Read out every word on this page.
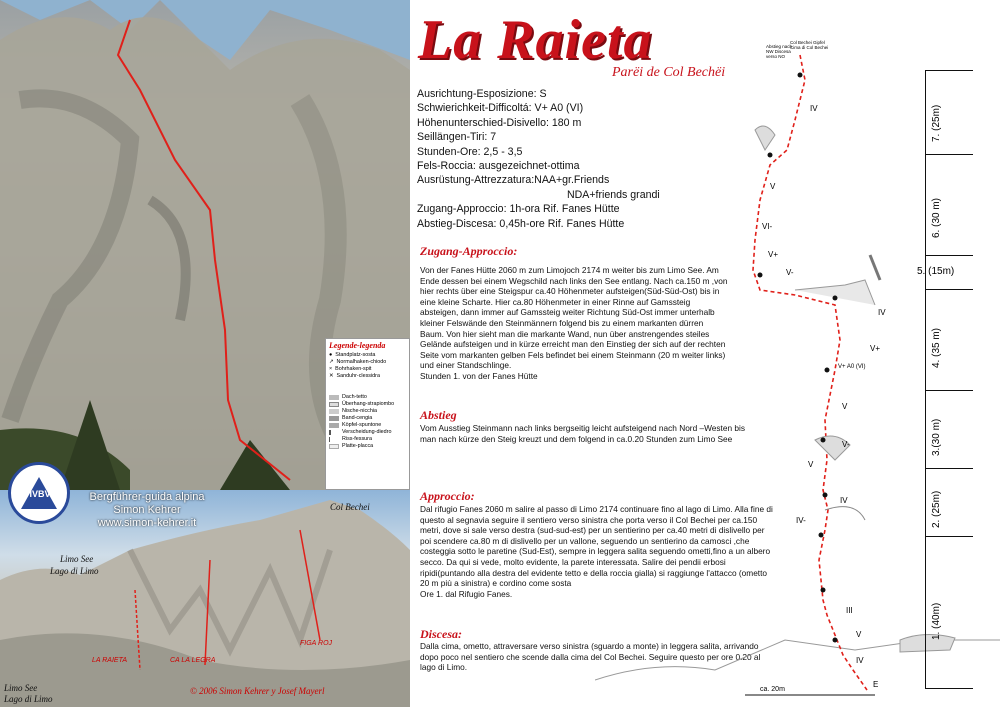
Legende-legenda
● Standplatz-sosta
↗ Normalhaken-chiodo
× Bohrhaken-spit
✕ Sanduhr-clessidra
Dach-tetto
Überhang-strapiombo
Nische-nicchia
Band-cengia
Köpfel-spuntone
Verscheidung-diedro
Riss-fessura
Platte-placca
Col Bechei
Limo See
Lago di Limo
Limo See
Lago di Limo
LA RAIETA	CA LA LEGRA
FIGA ROJ
© 2006 Simon Kehrer y Josef Mayerl
IVBV	Bergführer-guida alpina
Simon Kehrer
www.simon-kehrer.it
La Raieta
Parëi de Col Bechëi
Ausrichtung-Esposizione: S
Schwierichkeit-Difficoltá: V+ A0 (VI)
Höhenunterschied-Disivello: 180 m
Seillängen-Tiri: 7
Stunden-Ore: 2,5 - 3,5
Fels-Roccia: ausgezeichnet-ottima
Ausrüstung-Attrezzatura:NAA+gr.Friends
NDA+friends grandi
Zugang-Approccio: 1h-ora Rif. Fanes Hütte
Abstieg-Discesa: 0,45h-ore Rif. Fanes Hütte
Zugang-Approccio:
Von der Fanes Hütte 2060 m zum Limojoch 2174 m weiter bis zum Limo See. Am Ende dessen bei einem Wegschild nach links den See entlang. Nach ca.150 m ,von hier rechts über eine Steigspur ca.40 Höhenmeter aufsteigen(Süd-Süd-Ost) bis in eine kleine Scharte. Hier ca.80 Höhenmeter in einer Rinne auf Gamssteig absteigen, dann immer auf Gamssteig weiter Richtung Süd-Ost immer unterhalb kleiner Felswände den Steinmännern folgend bis zu einem markanten dürren Baum. Von hier sieht man die markante Wand, nun über anstrengendes steiles Gelände aufsteigen und in kürze erreicht man den Einstieg der sich auf der rechten Seite vom markanten gelben Fels befindet bei einem Steinmann (20 m weiter links) und einer Standschlinge.
Stunden 1. von der Fanes Hütte
Abstieg
Vom Ausstieg Steinmann nach links bergseitig leicht aufsteigend nach Nord –Westen bis man nach kürze den Steig kreuzt und dem folgend in ca.0.20 Stunden zum Limo See
Approccio:
Dal rifugio Fanes 2060 m salire al passo di Limo 2174 continuare fino al lago di Limo. Alla fine di questo al segnavia seguire il sentiero verso sinistra che porta verso il Col Bechei per ca.150 metri, dove si sale verso destra (sud-sud-est) per un sentierino per ca.40 metri di dislivello per poi scendere ca.80 m di dislivello per un vallone, seguendo un sentierino da camosci ,che costeggia sotto le paretine (Sud-Est), sempre in leggera salita seguendo ometti,fino a un albero secco. Da qui si vede, molto evidente, la parete interessata. Salire dei pendii erbosi ripidi(puntando alla destra del evidente tetto e della roccia gialla) si raggiunge l'attacco (ometto 20 m più a sinistra) e cordino come sosta
Ore 1. dal Rifugio Fanes.
Discesa:
Dalla cima, ometto, attraversare verso sinistra (sguardo a monte) in leggera salita, arrivando dopo poco nel sentiero che scende dalla cima del Col Bechei. Seguire questo per ore 0.20 al lago di Limo.
Col Bechei Gipfel Cima di Col Bechei
Abstieg nach NW Discesa verso NO
IV
V
VI-
V+
V-
IV
V+
V+ A0 (VI)
V
V-
V
IV
IV-
III
V
IV
E
ca. 20m
7. (25m)
6. (30 m)
5. (15m)
4. (35 m)
3.(30 m)
2. (25m)
1. (40m)
